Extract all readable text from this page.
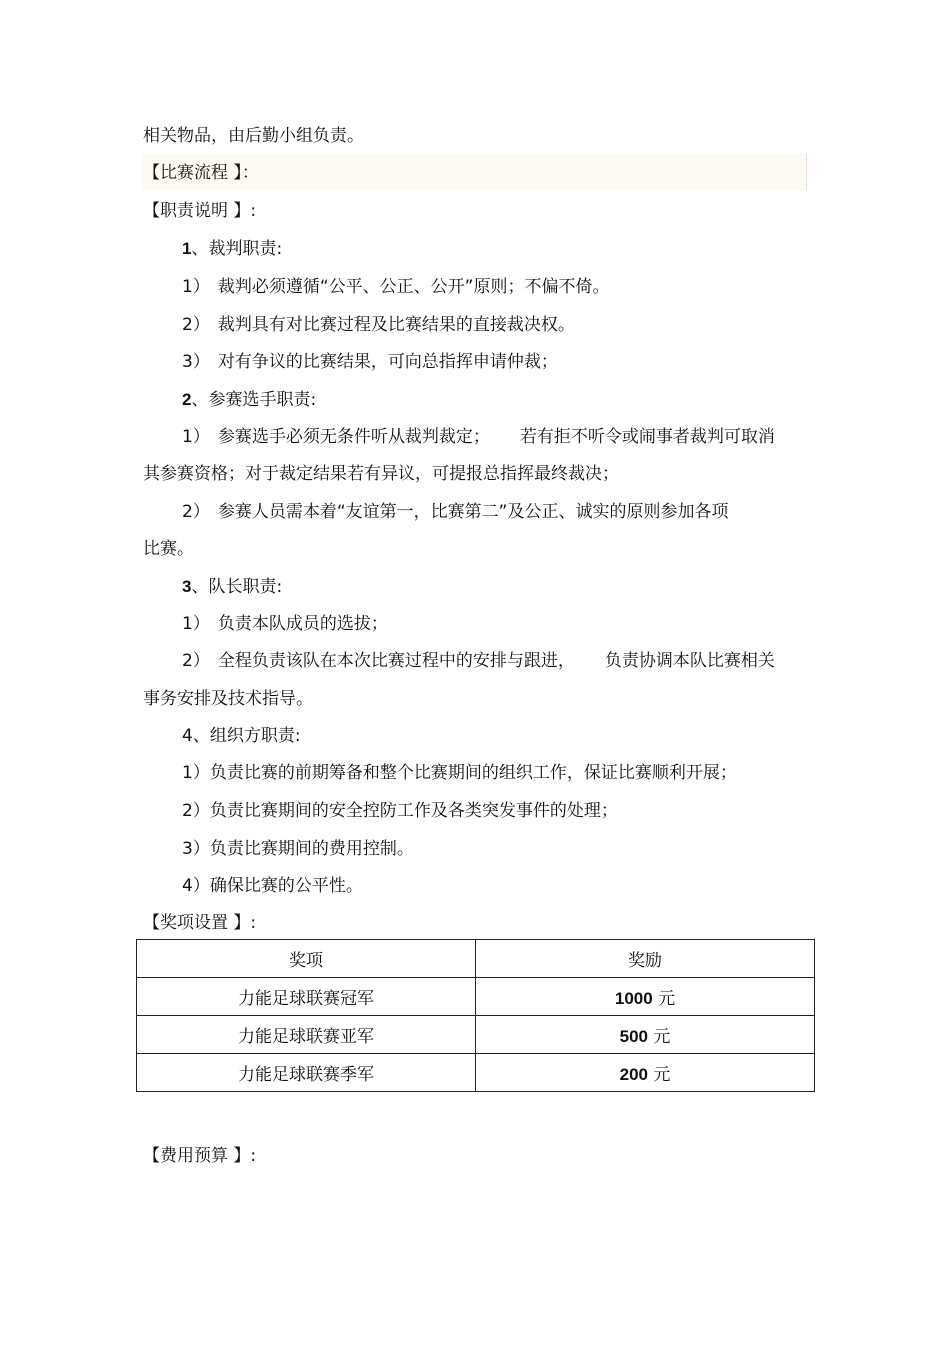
相关物品，由后勤小组负责。
【比赛流程 】：
【职责说明 】:
1、裁判职责:
1） 裁判必须遵循“公平、公正、公开”原则；不偏不倚。
2） 裁判具有对比赛过程及比赛结果的直接裁决权。
3） 对有争议的比赛结果，可向总指挥申请仲裁；
2、参赛选手职责:
1） 参赛选手必须无条件听从裁判裁定； 若有拒不听令或闹事者裁判可取消
其参赛资格；对于裁定结果若有异议，可提报总指挥最终裁决；
2） 参赛人员需本着“友谊第一，比赛第二”及公正、诚实的原则参加各项
比赛。
3、队长职责:
1） 负责本队成员的选拔；
2） 全程负责该队在本次比赛过程中的安排与跟进， 负责协调本队比赛相关
事务安排及技术指导。
4、组织方职责:
1）负责比赛的前期筹备和整个比赛期间的组织工作，保证比赛顺利开展；
2）负责比赛期间的安全控防工作及各类突发事件的处理；
3）负责比赛期间的费用控制。
4）确保比赛的公平性。
【奖项设置 】:
奖项	奖励
力能足球联赛冠军	1000 元
力能足球联赛亚军	500 元
力能足球联赛季军	200 元
【费用预算 】:
